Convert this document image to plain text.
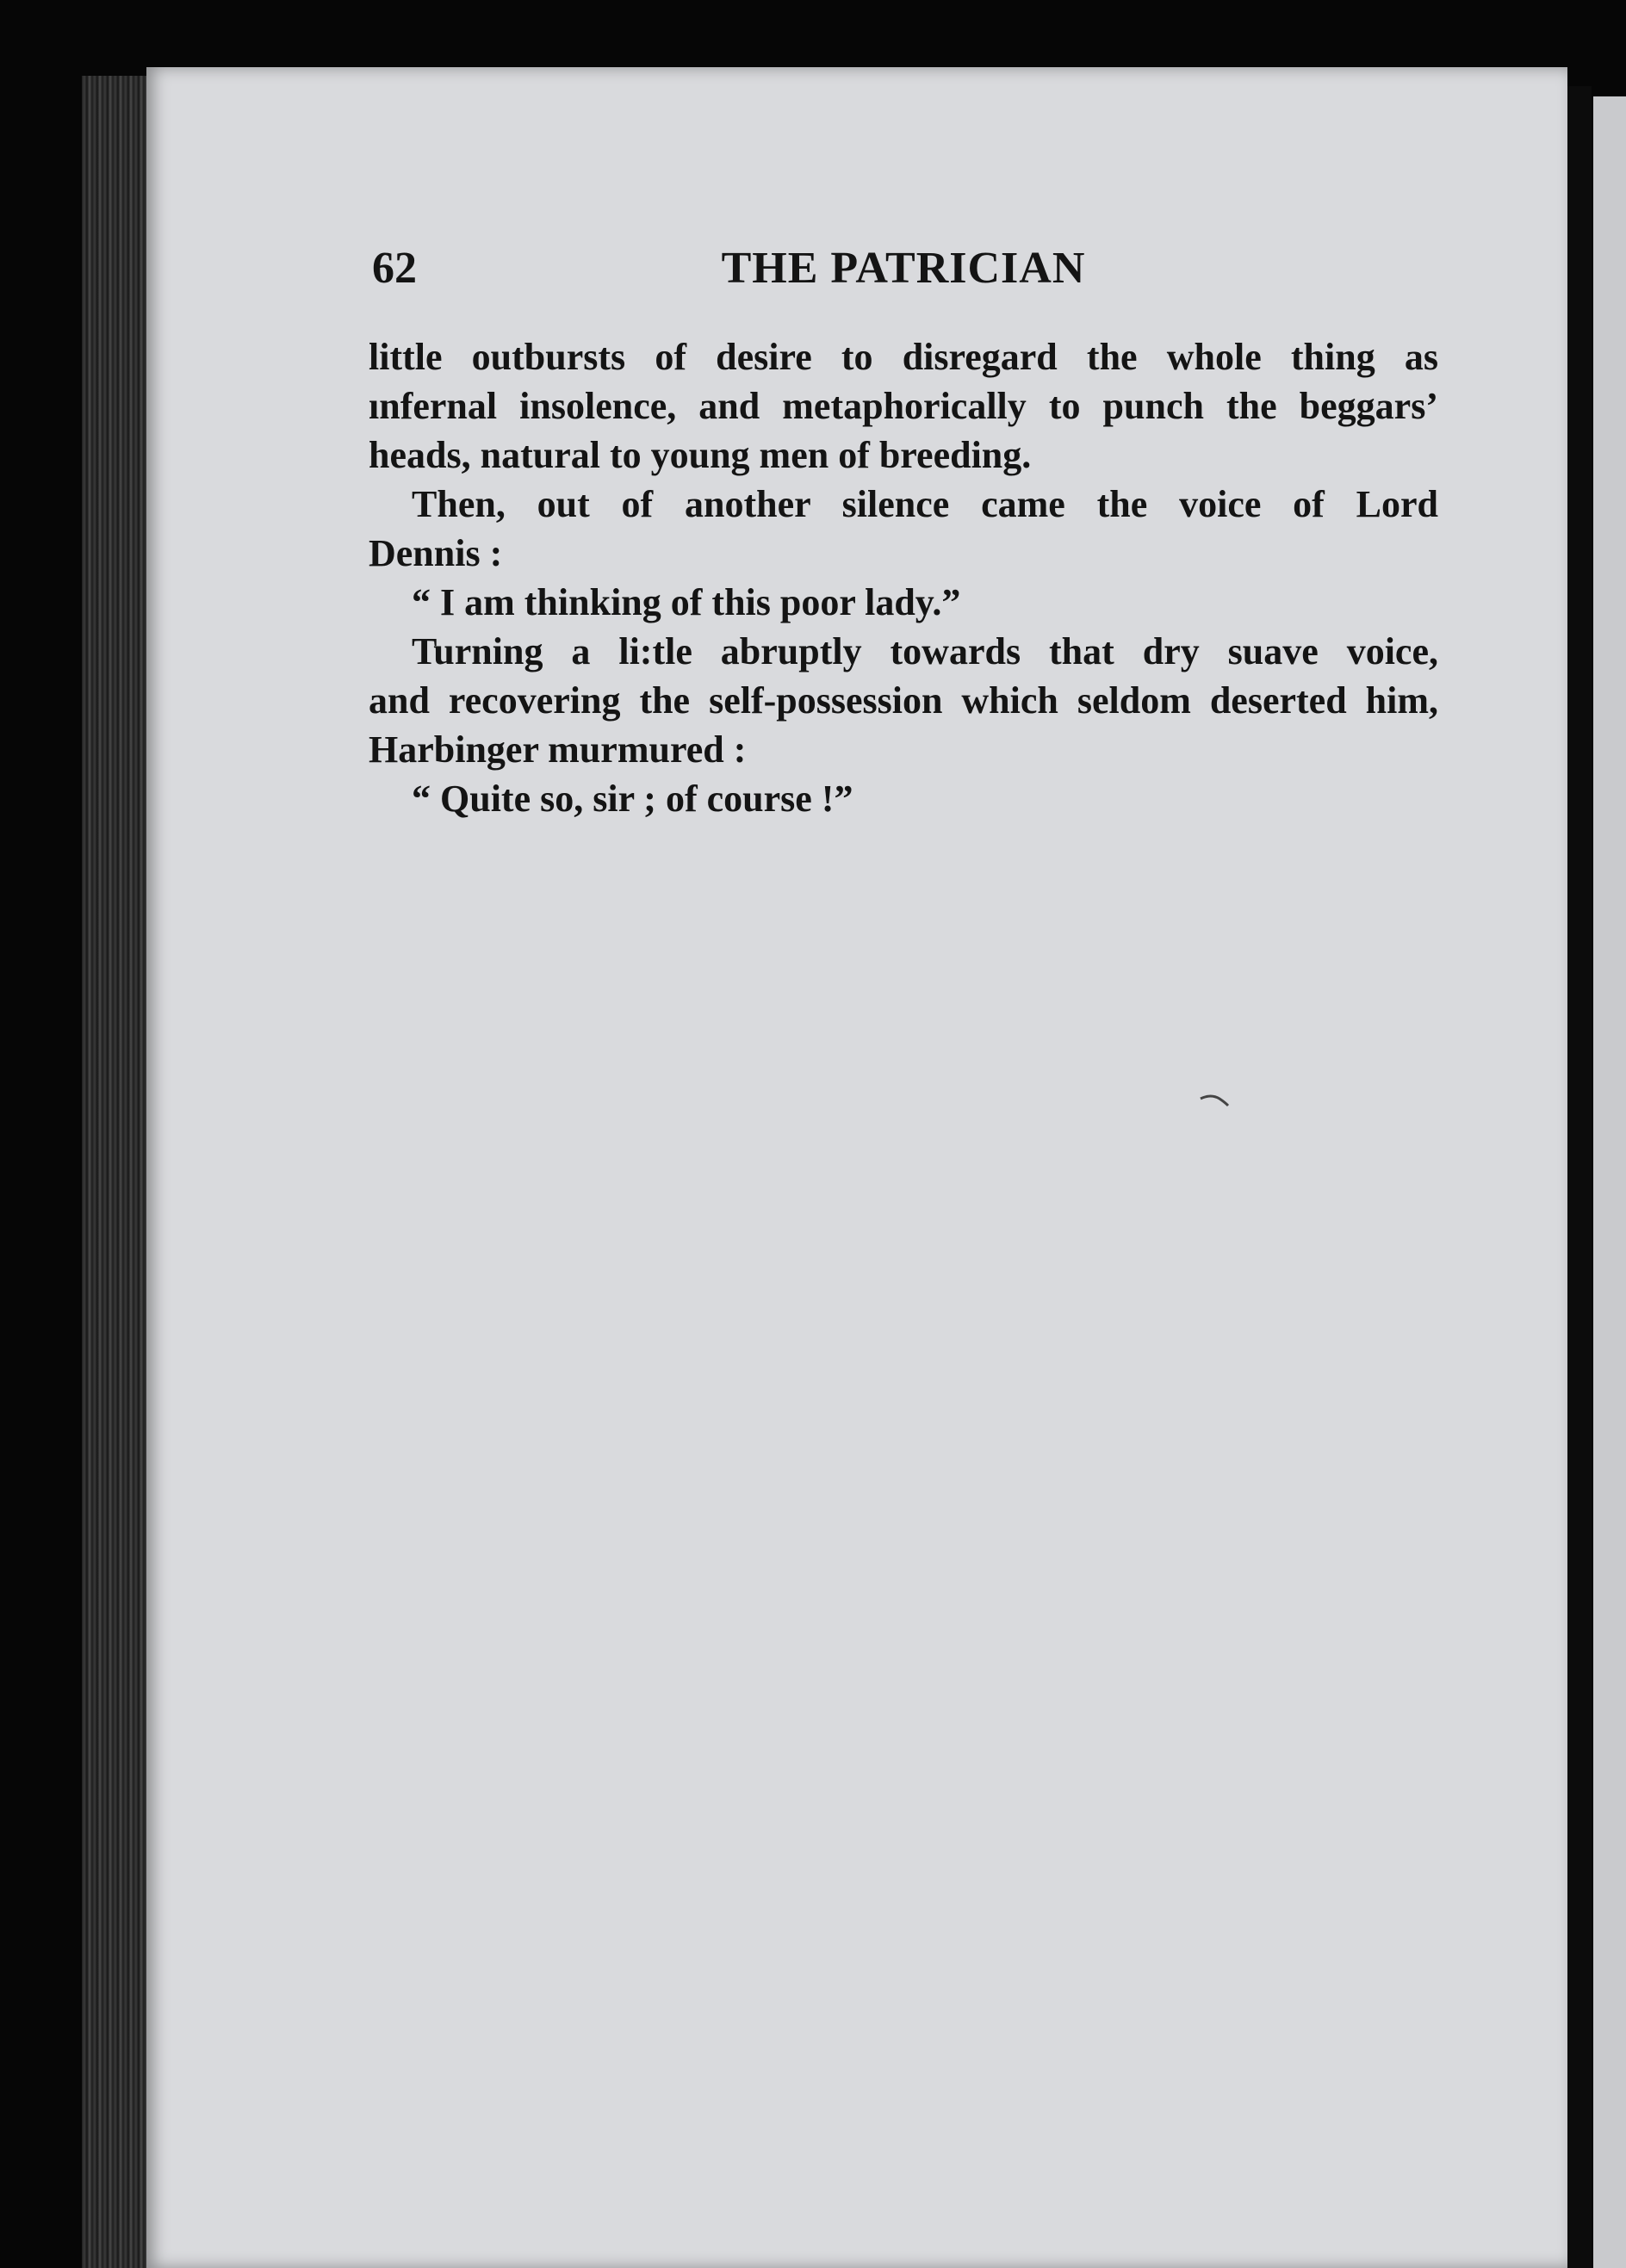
62	THE PATRICIAN
little outbursts of desire to disregard the whole thing as
ınfernal insolence, and metaphorically to punch the beggars’
heads, natural to young men of breeding.
Then, out of another silence came the voice of Lord
Dennis :
“ I am thinking of this poor lady.”
Turning a li:tle abruptly towards that dry suave voice,
and recovering the self-possession which seldom deserted him,
Harbinger murmured :
“ Quite so, sir ; of course !”
